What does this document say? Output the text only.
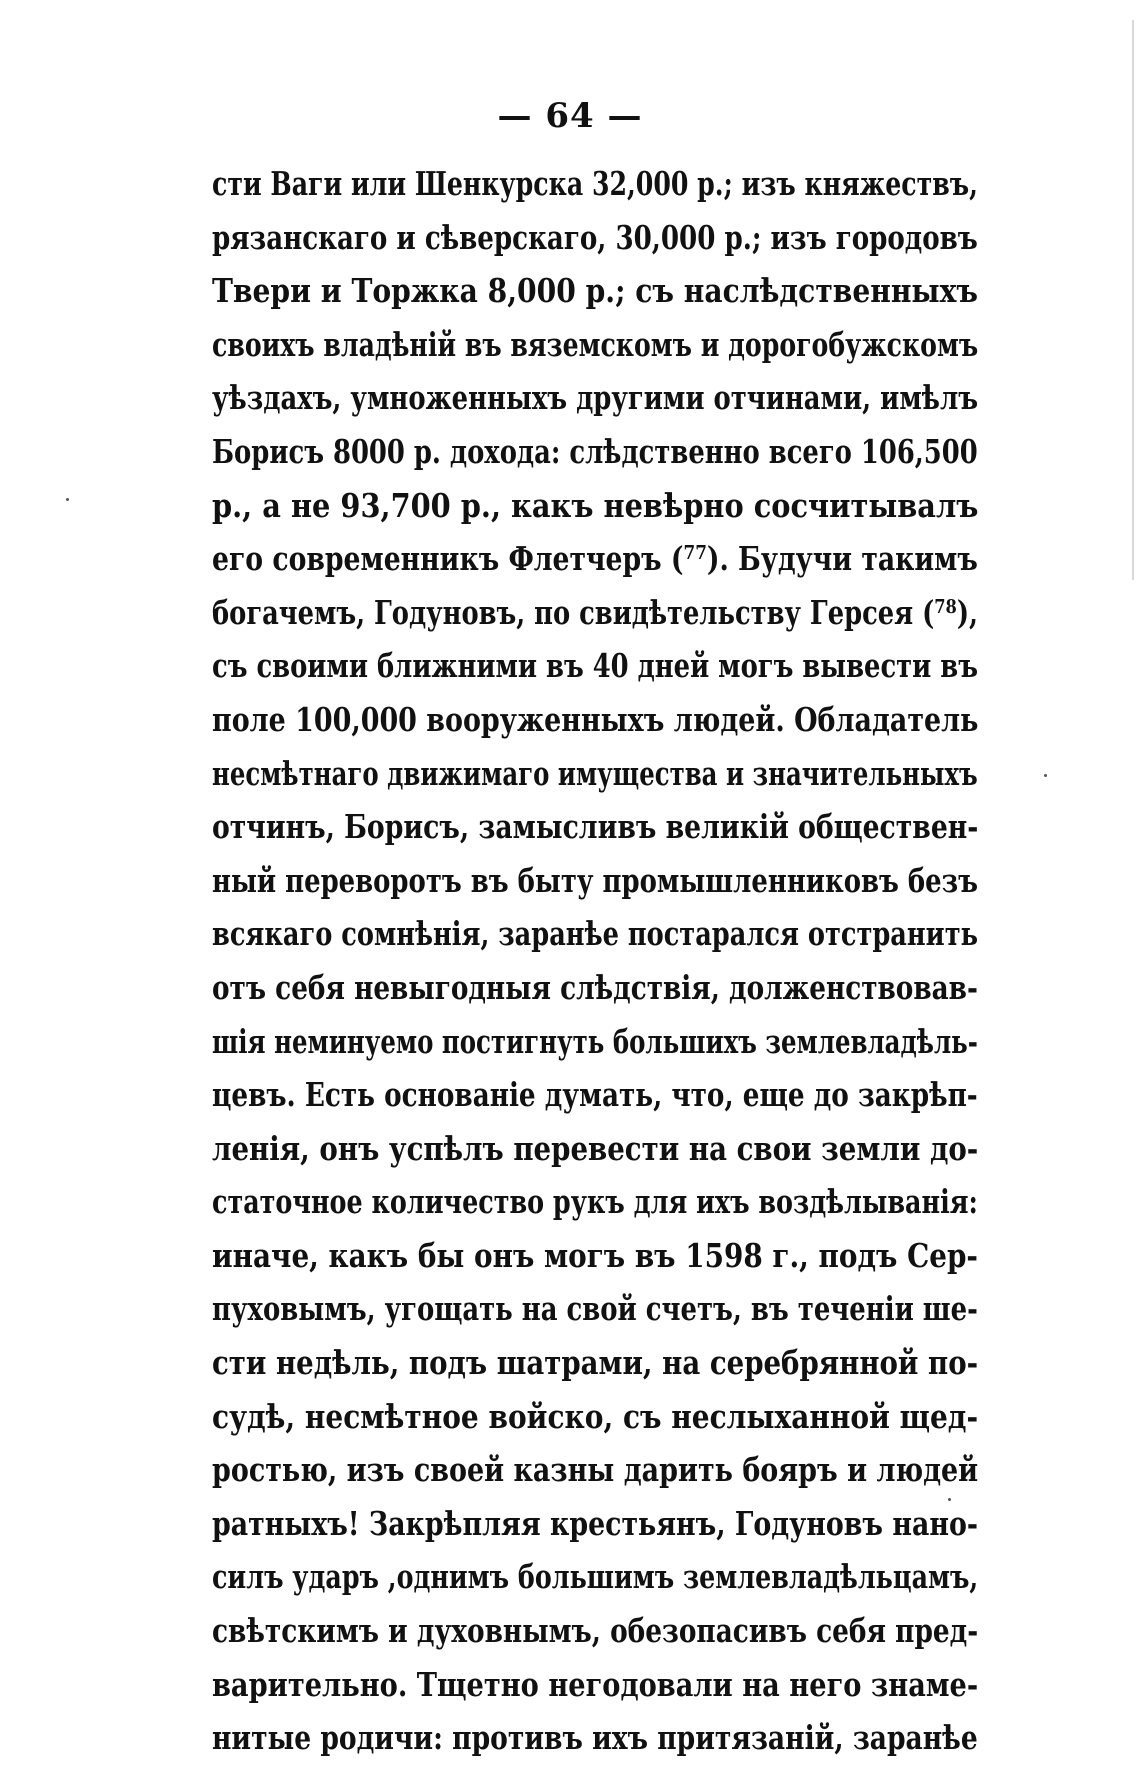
— 64 —
сти Ваги или Шенкурска 32,000 р.; изъ княжествъ,
рязанскаго и сѣверскаго, 30,000 р.; изъ городовъ
Твери и Торжка 8,000 р.; съ наслѣдственныхъ
своихъ владѣній въ вяземскомъ и дорогобужскомъ
уѣздахъ, умноженныхъ другими отчинами, имѣлъ
Борисъ 8000 р. дохода: слѣдственно всего 106,500
р., а не 93,700 р., какъ невѣрно сосчитывалъ
его современникъ Флетчеръ (⁷⁷). Будучи такимъ
богачемъ, Годуновъ, по свидѣтельству Герсея (⁷⁸),
съ своими ближними въ 40 дней могъ вывести въ
поле 100,000 вооруженныхъ людей. Обладатель
несмѣтнаго движимаго имущества и значительныхъ
отчинъ, Борисъ, замысливъ великій обществен-
ный переворотъ въ быту промышленниковъ безъ
всякаго сомнѣнія, заранѣе постарался отстранить
отъ себя невыгодныя слѣдствія, долженствовав-
шія неминуемо постигнуть большихъ землевладѣль-
цевъ. Есть основаніе думать, что, еще до закрѣп-
ленія, онъ успѣлъ перевести на свои земли до-
статочное количество рукъ для ихъ воздѣлыванія:
иначе, какъ бы онъ могъ въ 1598 г., подъ Сер-
пуховымъ, угощать на свой счетъ, въ теченіи ше-
сти недѣль, подъ шатрами, на серебрянной по-
судѣ, несмѣтное войско, съ неслыханной щед-
ростью, изъ своей казны дарить бояръ и людей
ратныхъ! Закрѣпляя крестьянъ, Годуновъ нано-
силъ ударъ ,однимъ большимъ землевладѣльцамъ,
свѣтскимъ и духовнымъ, обезопасивъ себя пред-
варительно. Тщетно негодовали на него знаме-
нитые родичи: противъ ихъ притязаній, заранѣе
